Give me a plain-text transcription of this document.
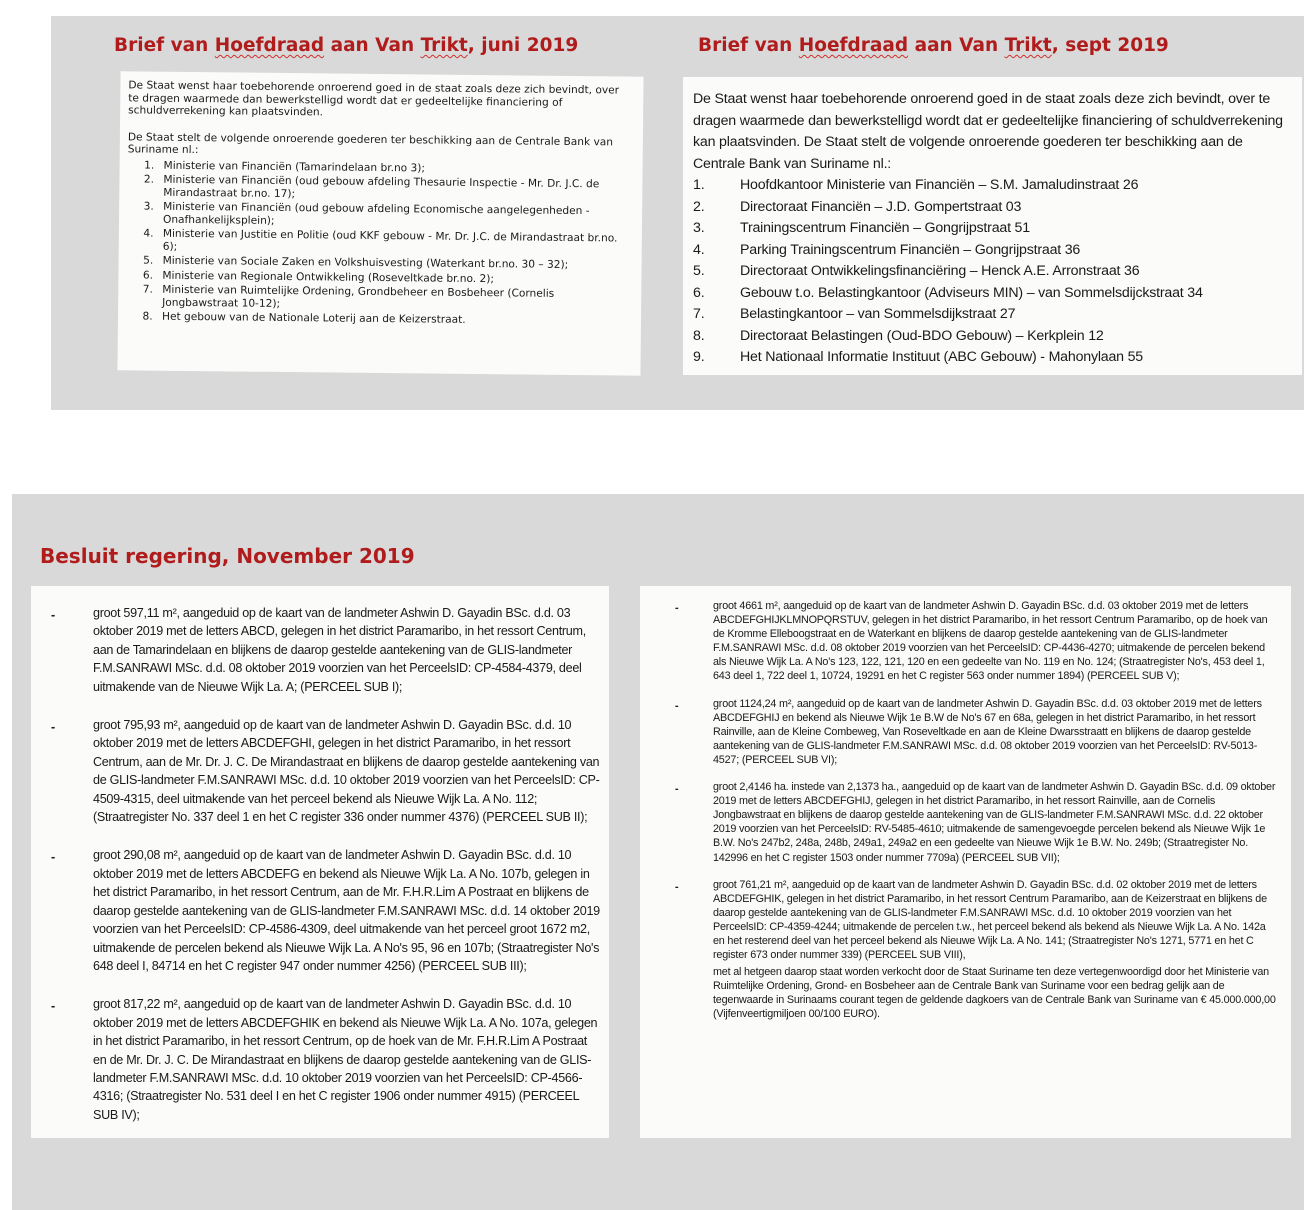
Brief van Hoefdraad aan Van Trikt, juni 2019	Brief van Hoefdraad aan Van Trikt, sept 2019

De Staat wenst haar toebehorende onroerend goed in de staat zoals deze zich bevindt, over te dragen waarmede dan bewerkstelligd wordt dat er gedeeltelijke financiering of schuldverrekening kan plaatsvinden.

De Staat stelt de volgende onroerende goederen ter beschikking aan de Centrale Bank van Suriname nl.:

1. Ministerie van Financiën (Tamarindelaan br.no 3);
2. Ministerie van Financiën (oud gebouw afdeling Thesaurie Inspectie - Mr. Dr. J.C. de Mirandastraat br.no. 17);
3. Ministerie van Financiën (oud gebouw afdeling Economische aangelegenheden - Onafhankelijksplein);
4. Ministerie van Justitie en Politie (oud KKF gebouw - Mr. Dr. J.C. de Mirandastraat br.no. 6);
5. Ministerie van Sociale Zaken en Volkshuisvesting (Waterkant br.no. 30 – 32);
6. Ministerie van Regionale Ontwikkeling (Roseveltkade br.no. 2);
7. Ministerie van Ruimtelijke Ordening, Grondbeheer en Bosbeheer (Cornelis Jongbawstraat 10-12);
8. Het gebouw van de Nationale Loterij aan de Keizerstraat.

De Staat wenst haar toebehorende onroerend goed in de staat zoals deze zich bevindt, over te dragen waarmede dan bewerkstelligd wordt dat er gedeeltelijke financiering of schuldverrekening kan plaatsvinden. De Staat stelt de volgende onroerende goederen ter beschikking aan de Centrale Bank van Suriname nl.:

1.	Hoofdkantoor Ministerie van Financiën – S.M. Jamaludinstraat 26
2.	Directoraat Financiën – J.D. Gompertstraat 03
3.	Trainingscentrum Financiën – Gongrijpstraat 51
4.	Parking Trainingscentrum Financiën – Gongrijpstraat 36
5.	Directoraat Ontwikkelingsfinanciëring – Henck A.E. Arronstraat 36
6.	Gebouw t.o. Belastingkantoor (Adviseurs MIN) – van Sommelsdijckstraat 34
7.	Belastingkantoor – van Sommelsdijkstraat 27
8.	Directoraat Belastingen (Oud-BDO Gebouw) – Kerkplein 12
9.	Het Nationaal Informatie Instituut (ABC Gebouw) - Mahonylaan 55
Besluit regering, November 2019
-	groot 597,11 m², aangeduid op de kaart van de landmeter Ashwin D. Gayadin BSc. d.d. 03 oktober 2019 met de letters ABCD, gelegen in het district Paramaribo, in het ressort Centrum, aan de Tamarindelaan en blijkens de daarop gestelde aantekening van de GLIS-landmeter F.M.SANRAWI MSc. d.d. 08 oktober 2019 voorzien van het PerceelsID: CP-4584-4379, deel uitmakende van de Nieuwe Wijk La. A; (PERCEEL SUB I);

-	groot 795,93 m², aangeduid op de kaart van de landmeter Ashwin D. Gayadin BSc. d.d. 10 oktober 2019 met de letters ABCDEFGHI, gelegen in het district Paramaribo, in het ressort Centrum, aan de Mr. Dr. J. C. De Mirandastraat en blijkens de daarop gestelde aantekening van de GLIS-landmeter F.M.SANRAWI MSc. d.d. 10 oktober 2019 voorzien van het PerceelsID: CP-4509-4315, deel uitmakende van het perceel bekend als Nieuwe Wijk La. A No. 112; (Straatregister No. 337 deel 1 en het C register 336 onder nummer 4376) (PERCEEL SUB II);

-	groot 290,08 m², aangeduid op de kaart van de landmeter Ashwin D. Gayadin BSc. d.d. 10 oktober 2019 met de letters ABCDEFG en bekend als Nieuwe Wijk La. A No. 107b, gelegen in het district Paramaribo, in het ressort Centrum, aan de Mr. F.H.R.Lim A Postraat en blijkens de daarop gestelde aantekening van de GLIS-landmeter F.M.SANRAWI MSc. d.d. 14 oktober 2019 voorzien van het PerceelsID: CP-4586-4309, deel uitmakende van het perceel groot 1672 m2, uitmakende de percelen bekend als Nieuwe Wijk La. A No's 95, 96 en 107b; (Straatregister No's 648 deel I, 84714 en het C register 947 onder nummer 4256) (PERCEEL SUB III);

-	groot 817,22 m², aangeduid op de kaart van de landmeter Ashwin D. Gayadin BSc. d.d. 10 oktober 2019 met de letters ABCDEFGHIK en bekend als Nieuwe Wijk La. A No. 107a, gelegen in het district Paramaribo, in het ressort Centrum, op de hoek van de Mr. F.H.R.Lim A Postraat en de Mr. Dr. J. C. De Mirandastraat en blijkens de daarop gestelde aantekening van de GLIS-landmeter F.M.SANRAWI MSc. d.d. 10 oktober 2019 voorzien van het PerceelsID: CP-4566-4316; (Straatregister No. 531 deel I en het C register 1906 onder nummer 4915) (PERCEEL SUB IV);

-	groot 4661 m², aangeduid op de kaart van de landmeter Ashwin D. Gayadin BSc. d.d. 03 oktober 2019 met de letters ABCDEFGHIJKLMNOPQRSTUV, gelegen in het district Paramaribo, in het ressort Centrum Paramaribo, op de hoek van de Kromme Elleboogstraat en de Waterkant en blijkens de daarop gestelde aantekening van de GLIS-landmeter F.M.SANRAWI MSc. d.d. 08 oktober 2019 voorzien van het PerceelsID: CP-4436-4270; uitmakende de percelen bekend als Nieuwe Wijk La. A No's 123, 122, 121, 120 en een gedeelte van No. 119 en No. 124; (Straatregister No's, 453 deel 1, 643 deel 1, 722 deel 1, 10724, 19291 en het C register 563 onder nummer 1894) (PERCEEL SUB V);

-	groot 1124,24 m², aangeduid op de kaart van de landmeter Ashwin D. Gayadin BSc. d.d. 03 oktober 2019 met de letters ABCDEFGHIJ en bekend als Nieuwe Wijk 1e B.W de No's 67 en 68a, gelegen in het district Paramaribo, in het ressort Rainville, aan de Kleine Combeweg, Van Roseveltkade en aan de Kleine Dwarsstraatt en blijkens de daarop gestelde aantekening van de GLIS-landmeter F.M.SANRAWI MSc. d.d. 08 oktober 2019 voorzien van het PerceelsID: RV-5013-4527; (PERCEEL SUB VI);

-	groot 2,4146 ha. instede van 2,1373 ha., aangeduid op de kaart van de landmeter Ashwin D. Gayadin BSc. d.d. 09 oktober 2019 met de letters ABCDEFGHIJ, gelegen in het district Paramaribo, in het ressort Rainville, aan de Cornelis Jongbawstraat en blijkens de daarop gestelde aantekening van de GLIS-landmeter F.M.SANRAWI MSc. d.d. 22 oktober 2019 voorzien van het PerceelsID: RV-5485-4610; uitmakende de samengevoegde percelen bekend als Nieuwe Wijk 1e B.W. No's 247b2, 248a, 248b, 249a1, 249a2 en een gedeelte van Nieuwe Wijk 1e B.W. No. 249b; (Straatregister No. 142996 en het C register 1503 onder nummer 7709a) (PERCEEL SUB VII);

-	groot 761,21 m², aangeduid op de kaart van de landmeter Ashwin D. Gayadin BSc. d.d. 02 oktober 2019 met de letters ABCDEFGHIK, gelegen in het district Paramaribo, in het ressort Centrum Paramaribo, aan de Keizerstraat en blijkens de daarop gestelde aantekening van de GLIS-landmeter F.M.SANRAWI MSc. d.d. 10 oktober 2019 voorzien van het PerceelsID: CP-4359-4244; uitmakende de percelen t.w., het perceel bekend als bekend als Nieuwe Wijk La. A No. 142a en het resterend deel van het perceel bekend als Nieuwe Wijk La. A No. 141; (Straatregister No's 1271, 5771 en het C register 673 onder nummer 339) (PERCEEL SUB VIII),

met al hetgeen daarop staat worden verkocht door de Staat Suriname ten deze vertegenwoordigd door het Ministerie van Ruimtelijke Ordening, Grond- en Bosbeheer aan de Centrale Bank van Suriname voor een bedrag gelijk aan de tegenwaarde in Surinaams courant tegen de geldende dagkoers van de Centrale Bank van Suriname van € 45.000.000,00 (Vijfenveertigmiljoen 00/100 EURO).
